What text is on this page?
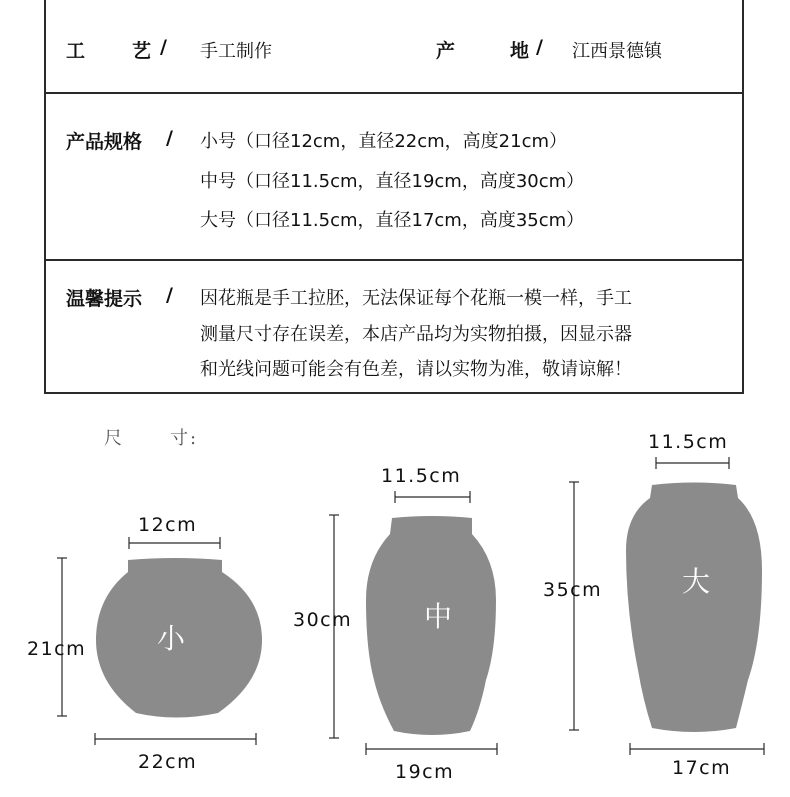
工 艺 / 手工制作	产	地 / 江西景德镇
产品规格 / 小号（口径12cm，直径22cm，高度21cm）
中号（口径11.5cm，直径19cm，高度30cm）
大号（口径11.5cm，直径17cm，高度35cm）
温馨提示 / 因花瓶是手工拉胚，无法保证每个花瓶一模一样，手工
测量尺寸存在误差，本店产品均为实物拍摄，因显示器
和光线问题可能会有色差，请以实物为准，敬请谅解！
尺	寸:
小
中
大
12cm
21cm
22cm
11.5cm
30cm
19cm
11.5cm
35cm
17cm
